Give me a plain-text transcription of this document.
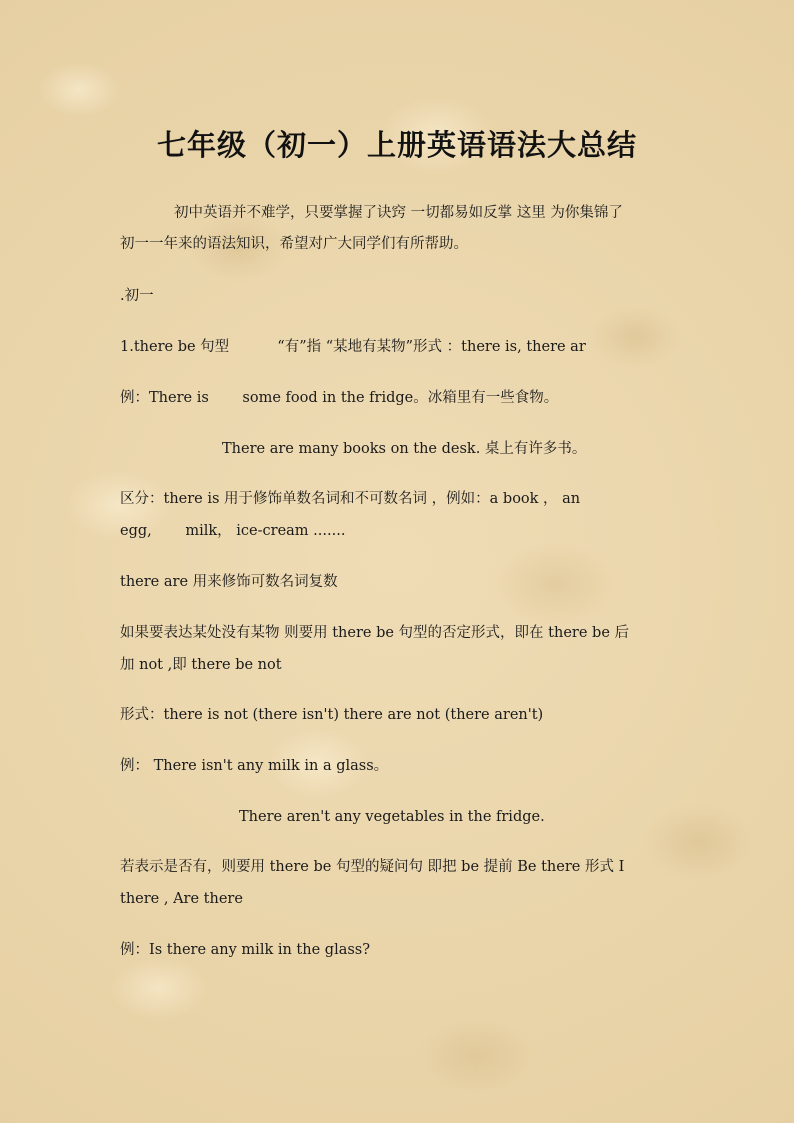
七年级（初一）上册英语语法大总结

初中英语并不难学，只要掌握了诀窍 一切都易如反掌 这里 为你集锦了

初一一年来的语法知识，希望对广大同学们有所帮助。

.初一

1.there be 句型　　　 “有”指 “某地有某物”形式 ：there is, there ar

例：There is　　 some food in the fridge。冰箱里有一些食物。

There are many books on the desk. 桌上有许多书。

区分：there is 用于修饰单数名词和不可数名词 ，例如：a book ， an

egg,　　 milk， ice-cream .......

there are 用来修饰可数名词复数

如果要表达某处没有某物 则要用 there be 句型的否定形式，即在 there be 后

加 not ,即 there be not

形式：there is not (there isn't) there are not (there aren't)

例： There isn't any milk in a glass。

There aren't any vegetables in the fridge.

若表示是否有，则要用 there be 句型的疑问句 即把 be 提前 Be there 形式 I

there , Are there

例：Is there any milk in the glass?
